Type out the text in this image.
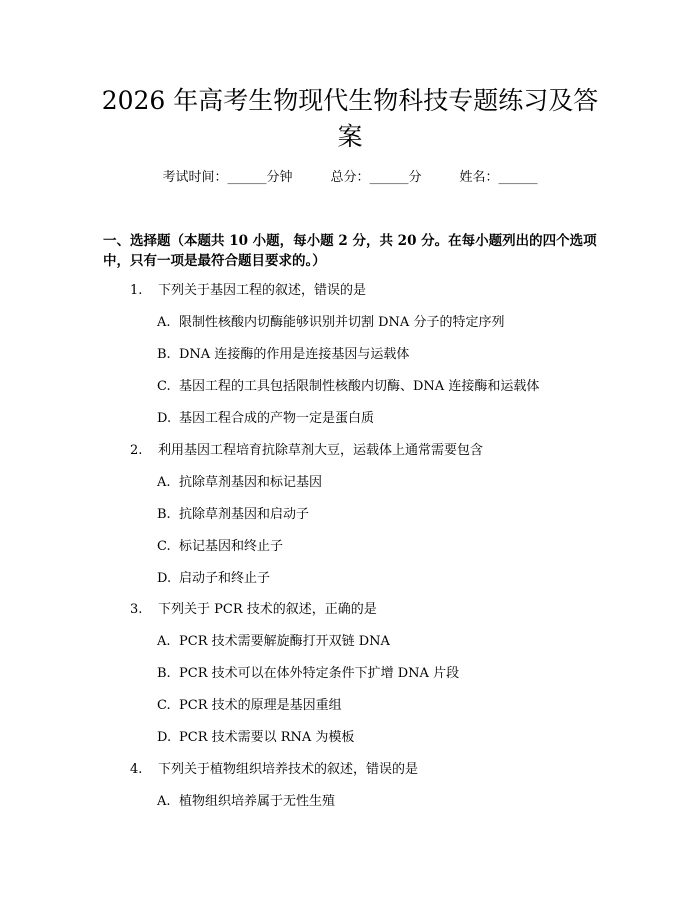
2026 年高考生物现代生物科技专题练习及答
案
考试时间：______分钟	总分：______分	姓名：______
一、选择题（本题共 10 小题，每小题 2 分，共 20 分。在每小题列出的四个选项中，只有一项是最符合题目要求的。）
1. 下列关于基因工程的叙述，错误的是
A. 限制性核酸内切酶能够识别并切割 DNA 分子的特定序列
B. DNA 连接酶的作用是连接基因与运载体
C. 基因工程的工具包括限制性核酸内切酶、DNA 连接酶和运载体
D. 基因工程合成的产物一定是蛋白质
2. 利用基因工程培育抗除草剂大豆，运载体上通常需要包含
A. 抗除草剂基因和标记基因
B. 抗除草剂基因和启动子
C. 标记基因和终止子
D. 启动子和终止子
3. 下列关于 PCR 技术的叙述，正确的是
A. PCR 技术需要解旋酶打开双链 DNA
B. PCR 技术可以在体外特定条件下扩增 DNA 片段
C. PCR 技术的原理是基因重组
D. PCR 技术需要以 RNA 为模板
4. 下列关于植物组织培养技术的叙述，错误的是
A. 植物组织培养属于无性生殖
